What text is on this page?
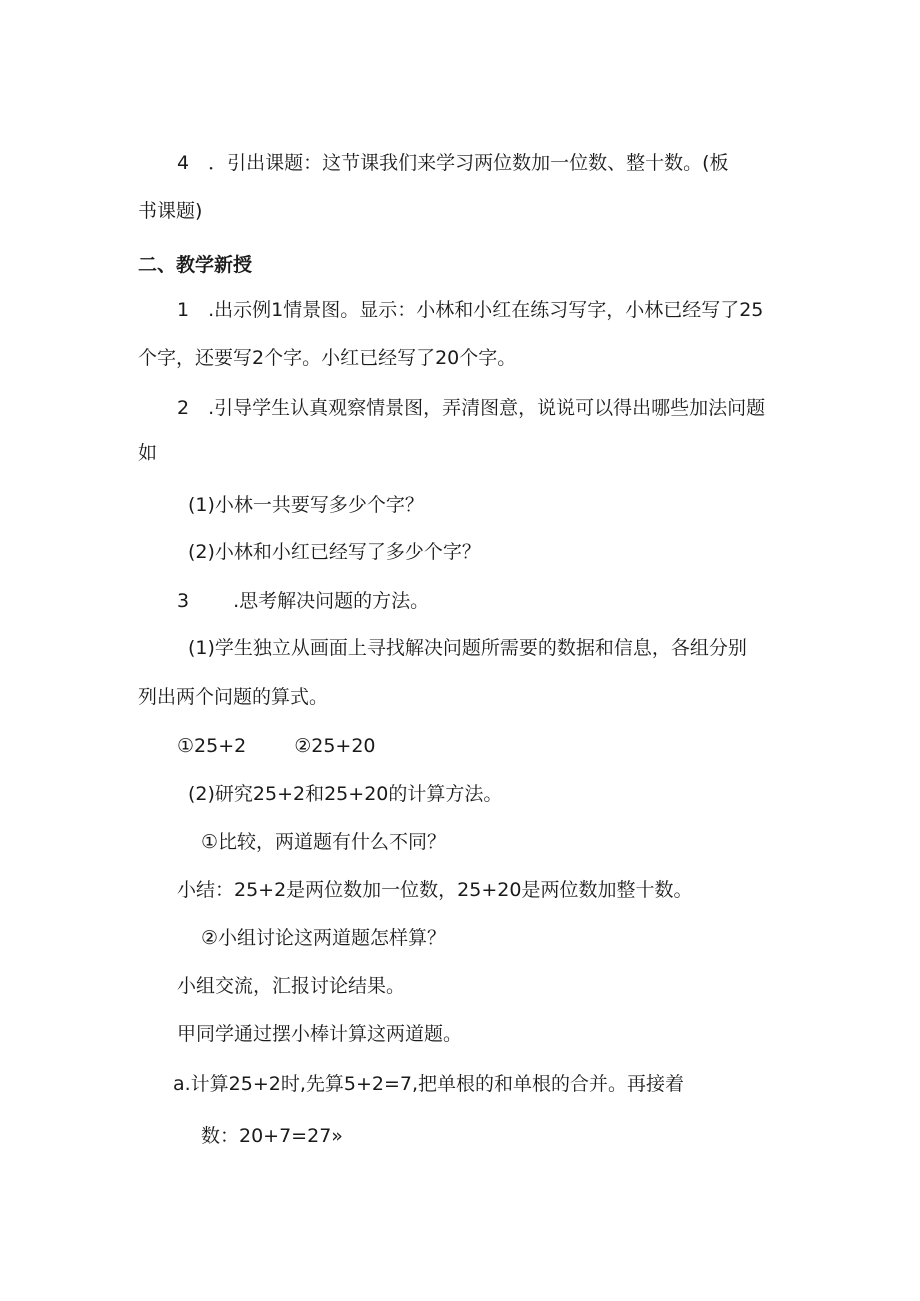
4　．引出课题：这节课我们来学习两位数加一位数、整十数。(板
书课题)
二、教学新授
1　.出示例1情景图。显示：小林和小红在练习写字，小林已经写了25
个字，还要写2个字。小红已经写了20个字。
2　.引导学生认真观察情景图，弄清图意，说说可以得出哪些加法问题
如
(1)小林一共要写多少个字？
(2)小林和小红已经写了多少个字？
3 .思考解决问题的方法。
(1)学生独立从画面上寻找解决问题所需要的数据和信息，各组分别
列出两个问题的算式。
①25+2	②25+20
(2)研究25+2和25+20的计算方法。
①比较，两道题有什么不同？
小结：25+2是两位数加一位数，25+20是两位数加整十数。
②小组讨论这两道题怎样算？
小组交流，汇报讨论结果。
甲同学通过摆小棒计算这两道题。
a.计算25+2时,先算5+2=7,把单根的和单根的合并。再接着
数：20+7=27»
